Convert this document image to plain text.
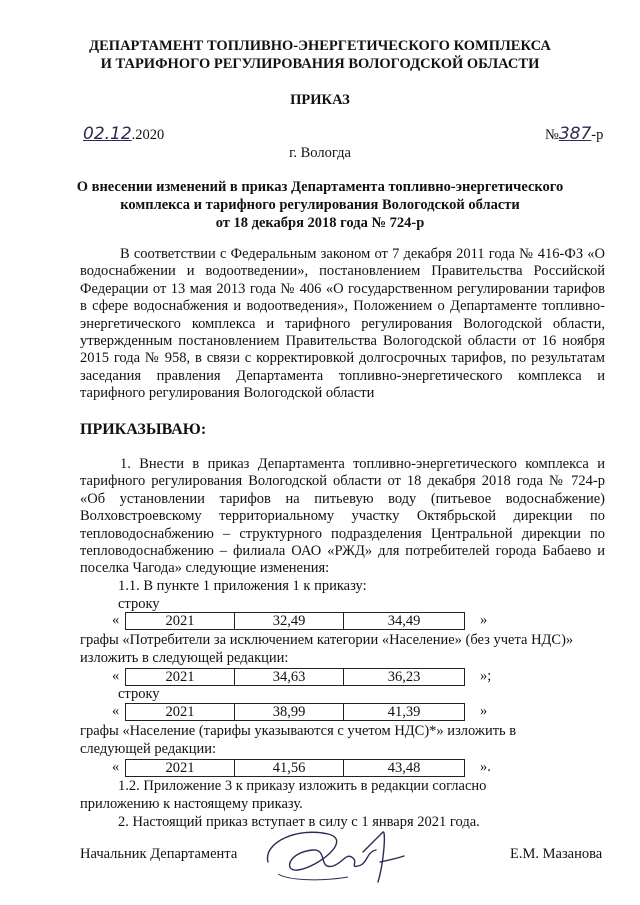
ДЕПАРТАМЕНТ ТОПЛИВНО-ЭНЕРГЕТИЧЕСКОГО КОМПЛЕКСА
И ТАРИФНОГО РЕГУЛИРОВАНИЯ ВОЛОГОДСКОЙ ОБЛАСТИ
ПРИКАЗ
02.12.2020	№387-р
г. Вологда
О внесении изменений в приказ Департамента топливно-энергетического
комплекса и тарифного регулирования Вологодской области
от 18 декабря 2018 года № 724-р
В соответствии с Федеральным законом от 7 декабря 2011 года № 416-ФЗ «О водоснабжении и водоотведении», постановлением Правительства Российской Федерации от 13 мая 2013 года № 406 «О государственном регулировании тарифов в сфере водоснабжения и водоотведения», Положением о Департаменте топливно-энергетического комплекса и тарифного регулирования Вологодской области, утвержденным постановлением Правительства Вологодской области от 16 ноября 2015 года № 958, в связи с корректировкой долгосрочных тарифов, по результатам заседания правления Департамента топливно-энергетического комплекса и тарифного регулирования Вологодской области
ПРИКАЗЫВАЮ:
1. Внести в приказ Департамента топливно-энергетического комплекса и тарифного регулирования Вологодской области от 18 декабря 2018 года № 724-р «Об установлении тарифов на питьевую воду (питьевое водоснабжение) Волховстроевскому территориальному участку Октябрьской дирекции по тепловодоснабжению – структурного подразделения Центральной дирекции по тепловодоснабжению – филиала ОАО «РЖД» для потребителей города Бабаево и поселка Чагода» следующие изменения:
1.1. В пункте 1 приложения 1 к приказу:
строку
«	2021	32,49	34,49	»
графы «Потребители за исключением категории «Население» (без учета НДС)»
изложить в следующей редакции:
«	2021	34,63	36,23	»;
строку
«	2021	38,99	41,39	»
графы «Население (тарифы указываются с учетом НДС)*» изложить в
следующей редакции:
«	2021	41,56	43,48	».
1.2. Приложение 3 к приказу изложить в редакции согласно
приложению к настоящему приказу.
2. Настоящий приказ вступает в силу с 1 января 2021 года.
Начальник Департамента	Е.М. Мазанова
